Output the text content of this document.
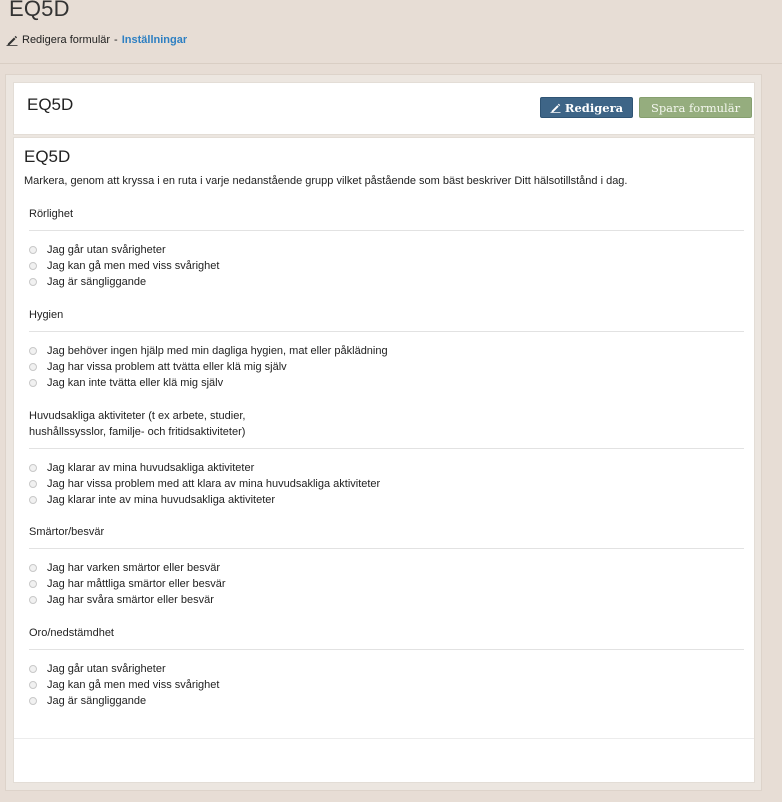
EQ5D
Redigera formulär - Inställningar
EQ5D	Redigera Spara formulär
EQ5D
Markera, genom att kryssa i en ruta i varje nedanstående grupp vilket påstående som bäst beskriver Ditt hälsotillstånd i dag.
Rörlighet
Jag går utan svårigheter
Jag kan gå men med viss svårighet
Jag är sängliggande
Hygien
Jag behöver ingen hjälp med min dagliga hygien, mat eller påklädning
Jag har vissa problem att tvätta eller klä mig själv
Jag kan inte tvätta eller klä mig själv
Huvudsakliga aktiviteter (t ex arbete, studier,
hushållssysslor, familje- och fritidsaktiviteter)
Jag klarar av mina huvudsakliga aktiviteter
Jag har vissa problem med att klara av mina huvudsakliga aktiviteter
Jag klarar inte av mina huvudsakliga aktiviteter
Smärtor/besvär
Jag har varken smärtor eller besvär
Jag har måttliga smärtor eller besvär
Jag har svåra smärtor eller besvär
Oro/nedstämdhet
Jag går utan svårigheter
Jag kan gå men med viss svårighet
Jag är sängliggande
